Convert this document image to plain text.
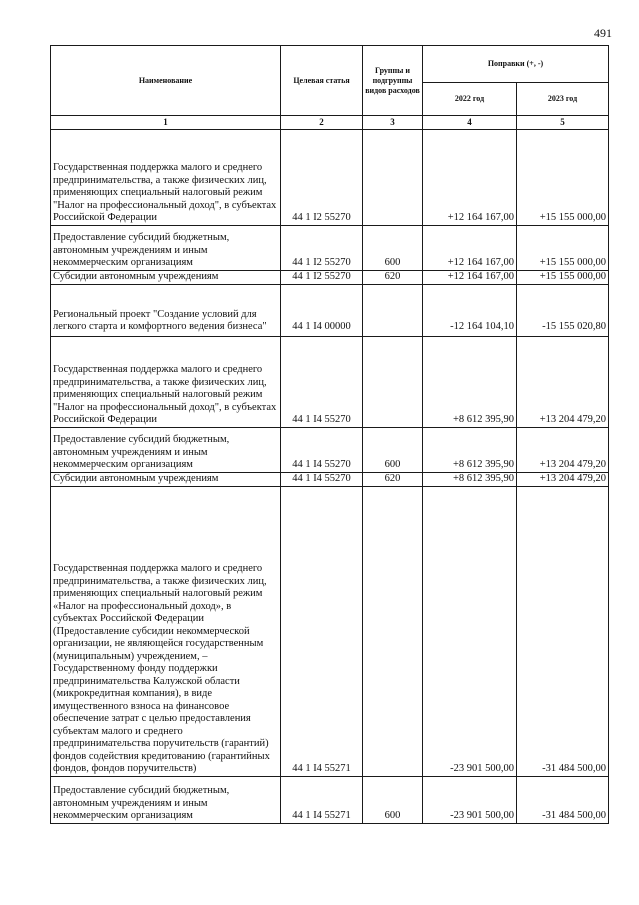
491
Наименование	Целевая статья	Группы и подгруппы видов расходов	Поправки (+, -)	
			2022 год	2023 год
1	2	3	4	5
Государственная поддержка малого и среднего предпринимательства, а также физических лиц, применяющих специальный налоговый режим "Налог на профессиональный доход", в субъектах Российской Федерации	44 1 I2 55270		+12 164 167,00	+15 155 000,00
Предоставление субсидий бюджетным, автономным учреждениям и иным некоммерческим организациям	44 1 I2 55270	600	+12 164 167,00	+15 155 000,00
Субсидии автономным учреждениям	44 1 I2 55270	620	+12 164 167,00	+15 155 000,00
Региональный проект "Создание условий для легкого старта и комфортного ведения бизнеса"	44 1 I4 00000		-12 164 104,10	-15 155 020,80
Государственная поддержка малого и среднего предпринимательства, а также физических лиц, применяющих специальный налоговый режим "Налог на профессиональный доход", в субъектах Российской Федерации	44 1 I4 55270		+8 612 395,90	+13 204 479,20
Предоставление субсидий бюджетным, автономным учреждениям и иным некоммерческим организациям	44 1 I4 55270	600	+8 612 395,90	+13 204 479,20
Субсидии автономным учреждениям	44 1 I4 55270	620	+8 612 395,90	+13 204 479,20
Государственная поддержка малого и среднего предпринимательства, а также физических лиц, применяющих специальный налоговый режим «Налог на профессиональный доход», в субъектах Российской Федерации (Предоставление субсидии некоммерческой организации, не являющейся государственным (муниципальным) учреждением, – Государственному фонду поддержки предпринимательства Калужской области (микрокредитная компания), в виде имущественного взноса на финансовое обеспечение затрат с целью предоставления субъектам малого и среднего предпринимательства поручительств (гарантий) фондов содействия кредитованию (гарантийных фондов, фондов поручительств)	44 1 I4 55271		-23 901 500,00	-31 484 500,00
Предоставление субсидий бюджетным, автономным учреждениям и иным некоммерческим организациям	44 1 I4 55271	600	-23 901 500,00	-31 484 500,00
